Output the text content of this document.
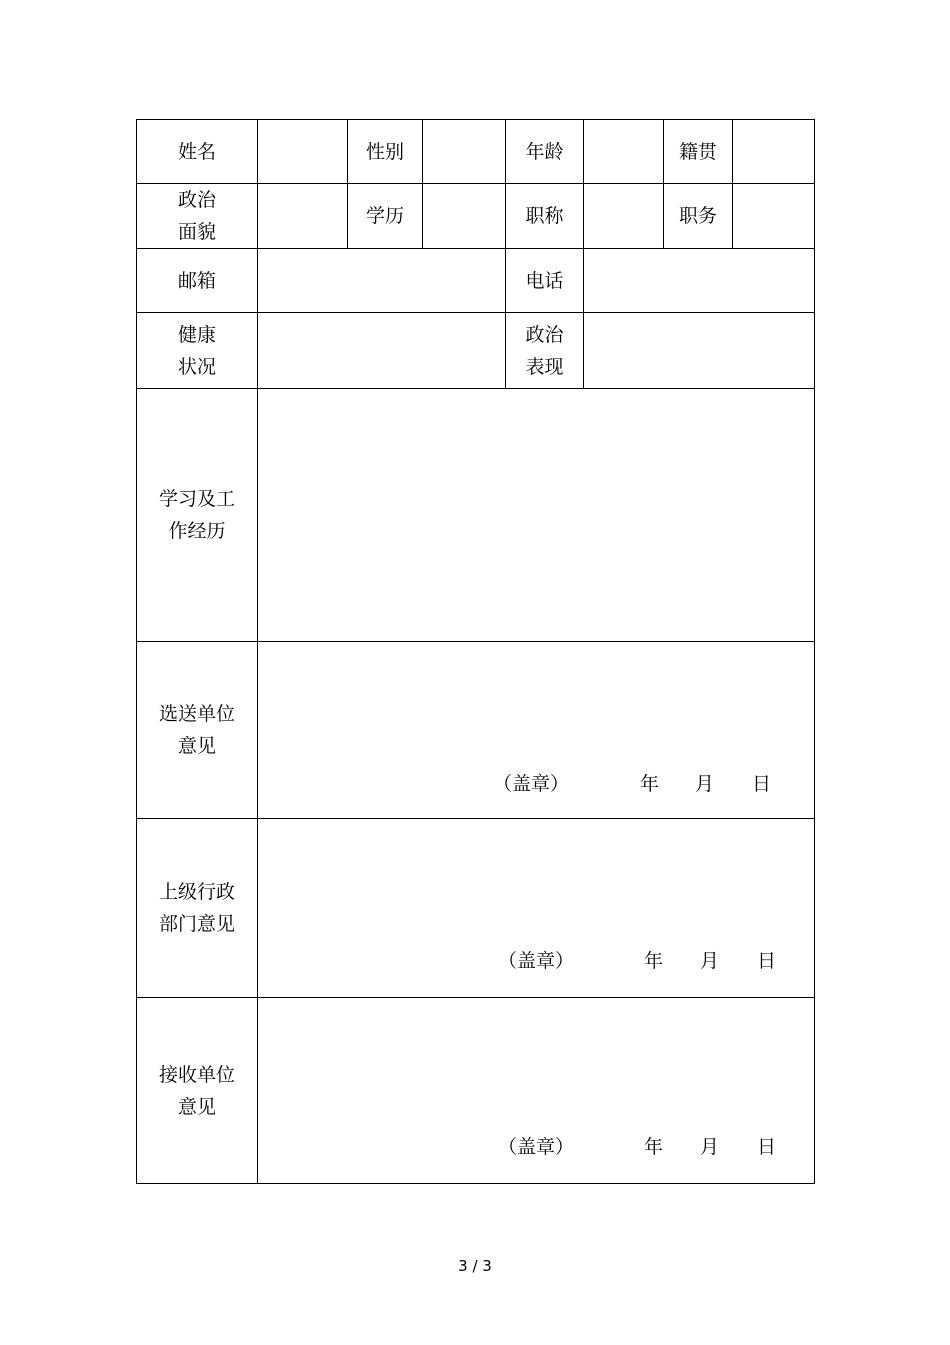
姓名		性别		年龄		籍贯	
政治
面貌		学历		职称		职务	
邮箱				电话			
健康
状况				政治
表现			
学习及工
作经历							
选送单位
意见	（盖章） 年 月 日						

上级行政
部门意见	（盖章） 年 月 日						

接收单位
意见	（盖章） 年 月 日						
3 / 3
